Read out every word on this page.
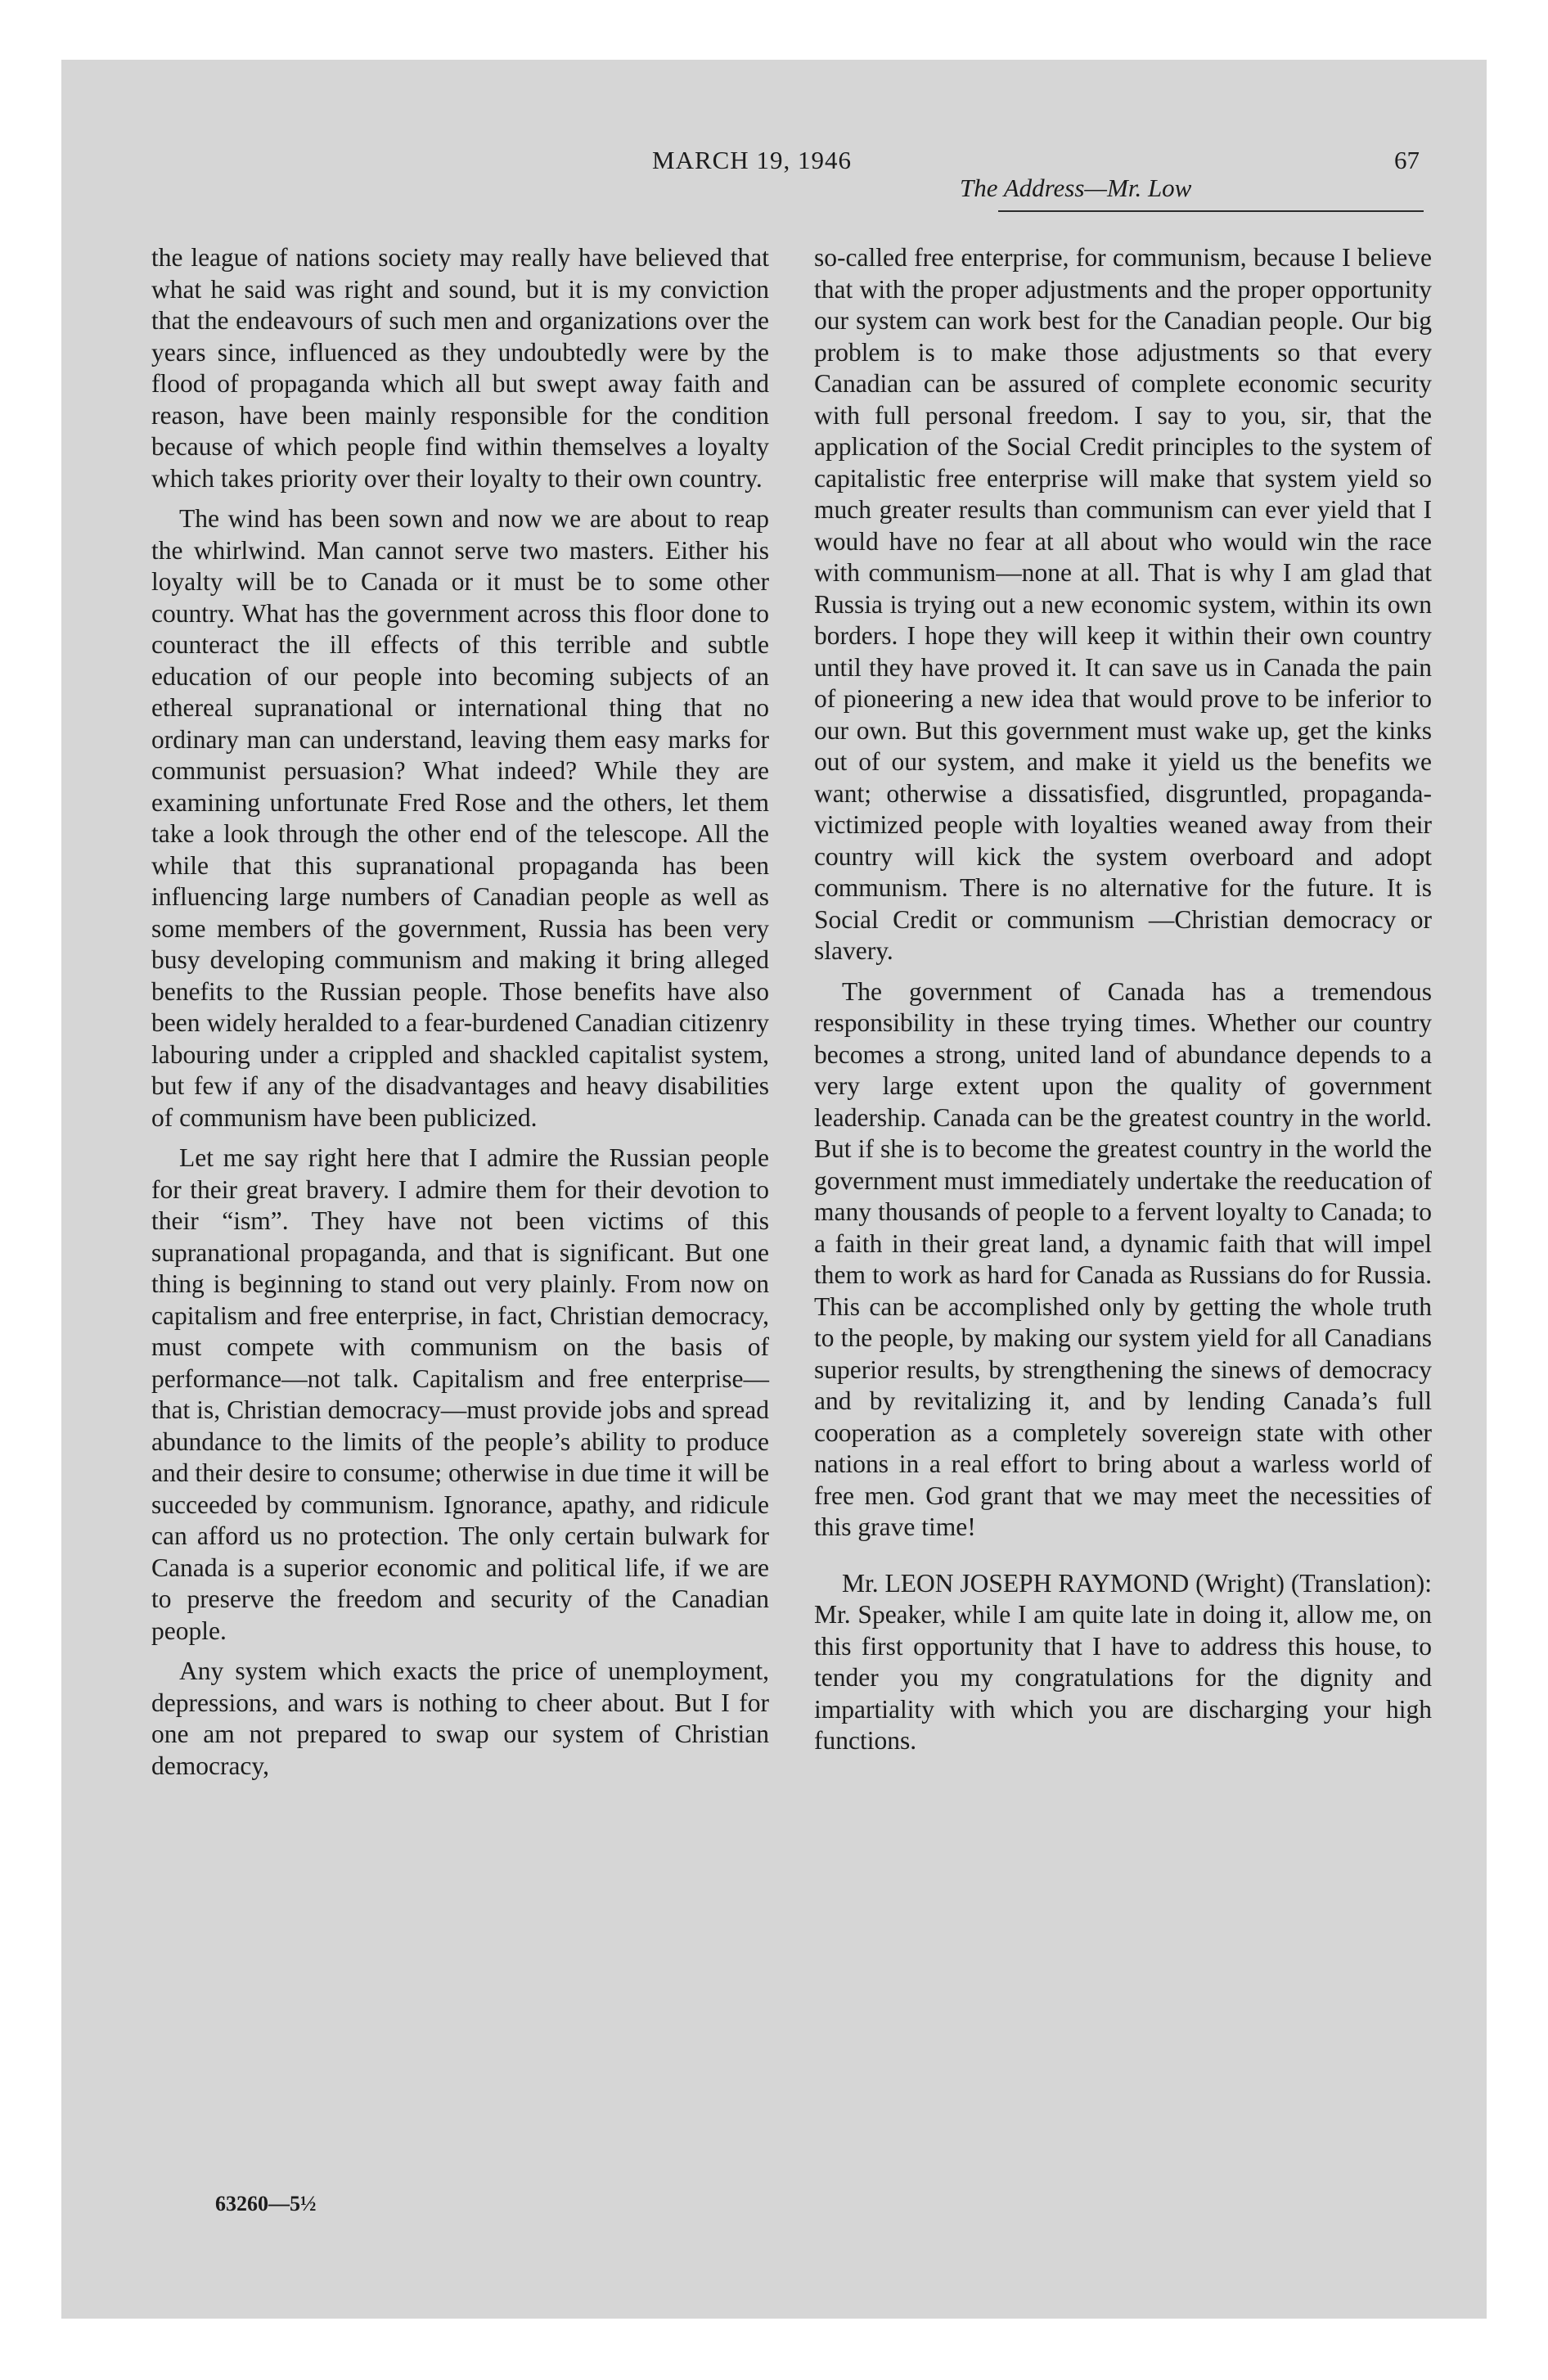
MARCH 19, 1946	67
The Address—Mr. Low

the league of nations society may really have believed that what he said was right and sound, but it is my conviction that the endeavours of such men and organizations over the years since, influenced as they undoubtedly were by the flood of propaganda which all but swept away faith and reason, have been mainly responsible for the condition because of which people find within themselves a loyalty which takes priority over their loyalty to their own country.

The wind has been sown and now we are about to reap the whirlwind. Man cannot serve two masters. Either his loyalty will be to Canada or it must be to some other country. What has the government across this floor done to counteract the ill effects of this terrible and subtle education of our people into becoming subjects of an ethereal supranational or international thing that no ordinary man can understand, leaving them easy marks for communist persuasion? What indeed? While they are examining unfortunate Fred Rose and the others, let them take a look through the other end of the telescope. All the while that this supranational propaganda has been influencing large numbers of Canadian people as well as some members of the government, Russia has been very busy developing communism and making it bring alleged benefits to the Russian people. Those benefits have also been widely heralded to a fear-burdened Canadian citizenry labouring under a crippled and shackled capitalist system, but few if any of the disadvantages and heavy disabilities of communism have been publicized.

Let me say right here that I admire the Russian people for their great bravery. I admire them for their devotion to their “ism”. They have not been victims of this supranational propaganda, and that is significant. But one thing is beginning to stand out very plainly. From now on capitalism and free enterprise, in fact, Christian democracy, must compete with communism on the basis of performance—not talk. Capitalism and free enterprise—that is, Christian democracy—must provide jobs and spread abundance to the limits of the people’s ability to produce and their desire to consume; otherwise in due time it will be succeeded by communism. Ignorance, apathy, and ridicule can afford us no protection. The only certain bulwark for Canada is a superior economic and political life, if we are to preserve the freedom and security of the Canadian people.

Any system which exacts the price of unemployment, depressions, and wars is nothing to cheer about. But I for one am not prepared to swap our system of Christian democracy,

so-called free enterprise, for communism, because I believe that with the proper adjustments and the proper opportunity our system can work best for the Canadian people. Our big problem is to make those adjustments so that every Canadian can be assured of complete economic security with full personal freedom. I say to you, sir, that the application of the Social Credit principles to the system of capitalistic free enterprise will make that system yield so much greater results than communism can ever yield that I would have no fear at all about who would win the race with communism—none at all. That is why I am glad that Russia is trying out a new economic system, within its own borders. I hope they will keep it within their own country until they have proved it. It can save us in Canada the pain of pioneering a new idea that would prove to be inferior to our own. But this government must wake up, get the kinks out of our system, and make it yield us the benefits we want; otherwise a dissatisfied, disgruntled, propaganda-victimized people with loyalties weaned away from their country will kick the system overboard and adopt communism. There is no alternative for the future. It is Social Credit or communism —Christian democracy or slavery.

The government of Canada has a tremendous responsibility in these trying times. Whether our country becomes a strong, united land of abundance depends to a very large extent upon the quality of government leadership. Canada can be the greatest country in the world. But if she is to become the greatest country in the world the government must immediately undertake the reeducation of many thousands of people to a fervent loyalty to Canada; to a faith in their great land, a dynamic faith that will impel them to work as hard for Canada as Russians do for Russia. This can be accomplished only by getting the whole truth to the people, by making our system yield for all Canadians superior results, by strengthening the sinews of democracy and by revitalizing it, and by lending Canada’s full cooperation as a completely sovereign state with other nations in a real effort to bring about a warless world of free men. God grant that we may meet the necessities of this grave time!

Mr. LEON JOSEPH RAYMOND (Wright) (Translation): Mr. Speaker, while I am quite late in doing it, allow me, on this first opportunity that I have to address this house, to tender you my congratulations for the dignity and impartiality with which you are discharging your high functions.

63260—5½
